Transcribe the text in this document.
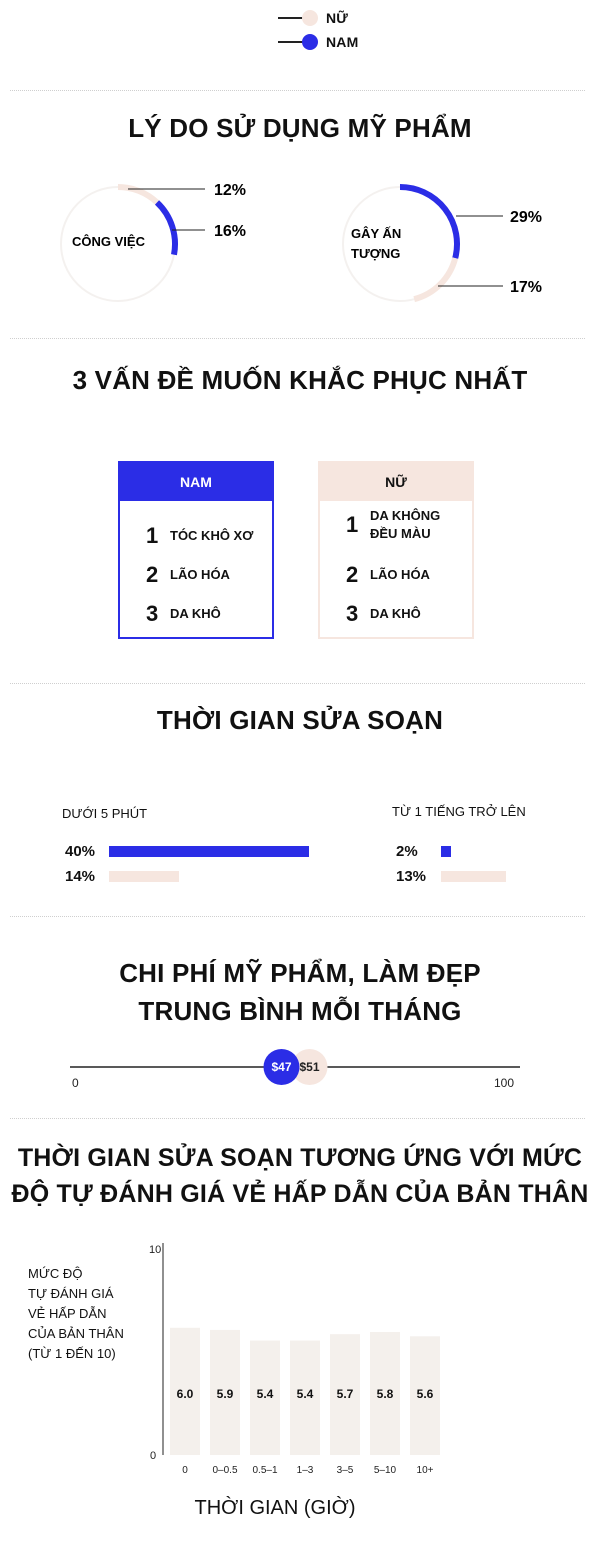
NỮ
NAM
LÝ DO SỬ DỤNG MỸ PHẨM
CÔNG VIỆC
12%
16%	GÂY ẤN
TƯỢNG
29%
17%
3 VẤN ĐỀ MUỐN KHẮC PHỤC NHẤT
NAM
1 TÓC KHÔ XƠ
2 LÃO HÓA
3 DA KHÔ
NỮ
1 DA KHÔNG
ĐỀU MÀU
2 LÃO HÓA
3 DA KHÔ
THỜI GIAN SỬA SOẠN
DƯỚI 5 PHÚT
40%
14%
TỪ 1 TIẾNG TRỞ LÊN
2%
13%
CHI PHÍ MỸ PHẨM, LÀM ĐẸP
TRUNG BÌNH MỖI THÁNG
$51
$47
0	100
THỜI GIAN SỬA SOẠN TƯƠNG ỨNG VỚI MỨC
ĐỘ TỰ ĐÁNH GIÁ VẺ HẤP DẪN CỦA BẢN THÂN
MỨC ĐỘ
TỰ ĐÁNH GIÁ
VẺ HẤP DẪN
CỦA BẢN THÂN
(TỪ 1 ĐẾN 10)
10
0
6.0
0
5.9
0–0.5
5.4
0.5–1
5.4
1–3
5.7
3–5
5.8
5–10
5.6
10+
THỜI GIAN (GIỜ)
